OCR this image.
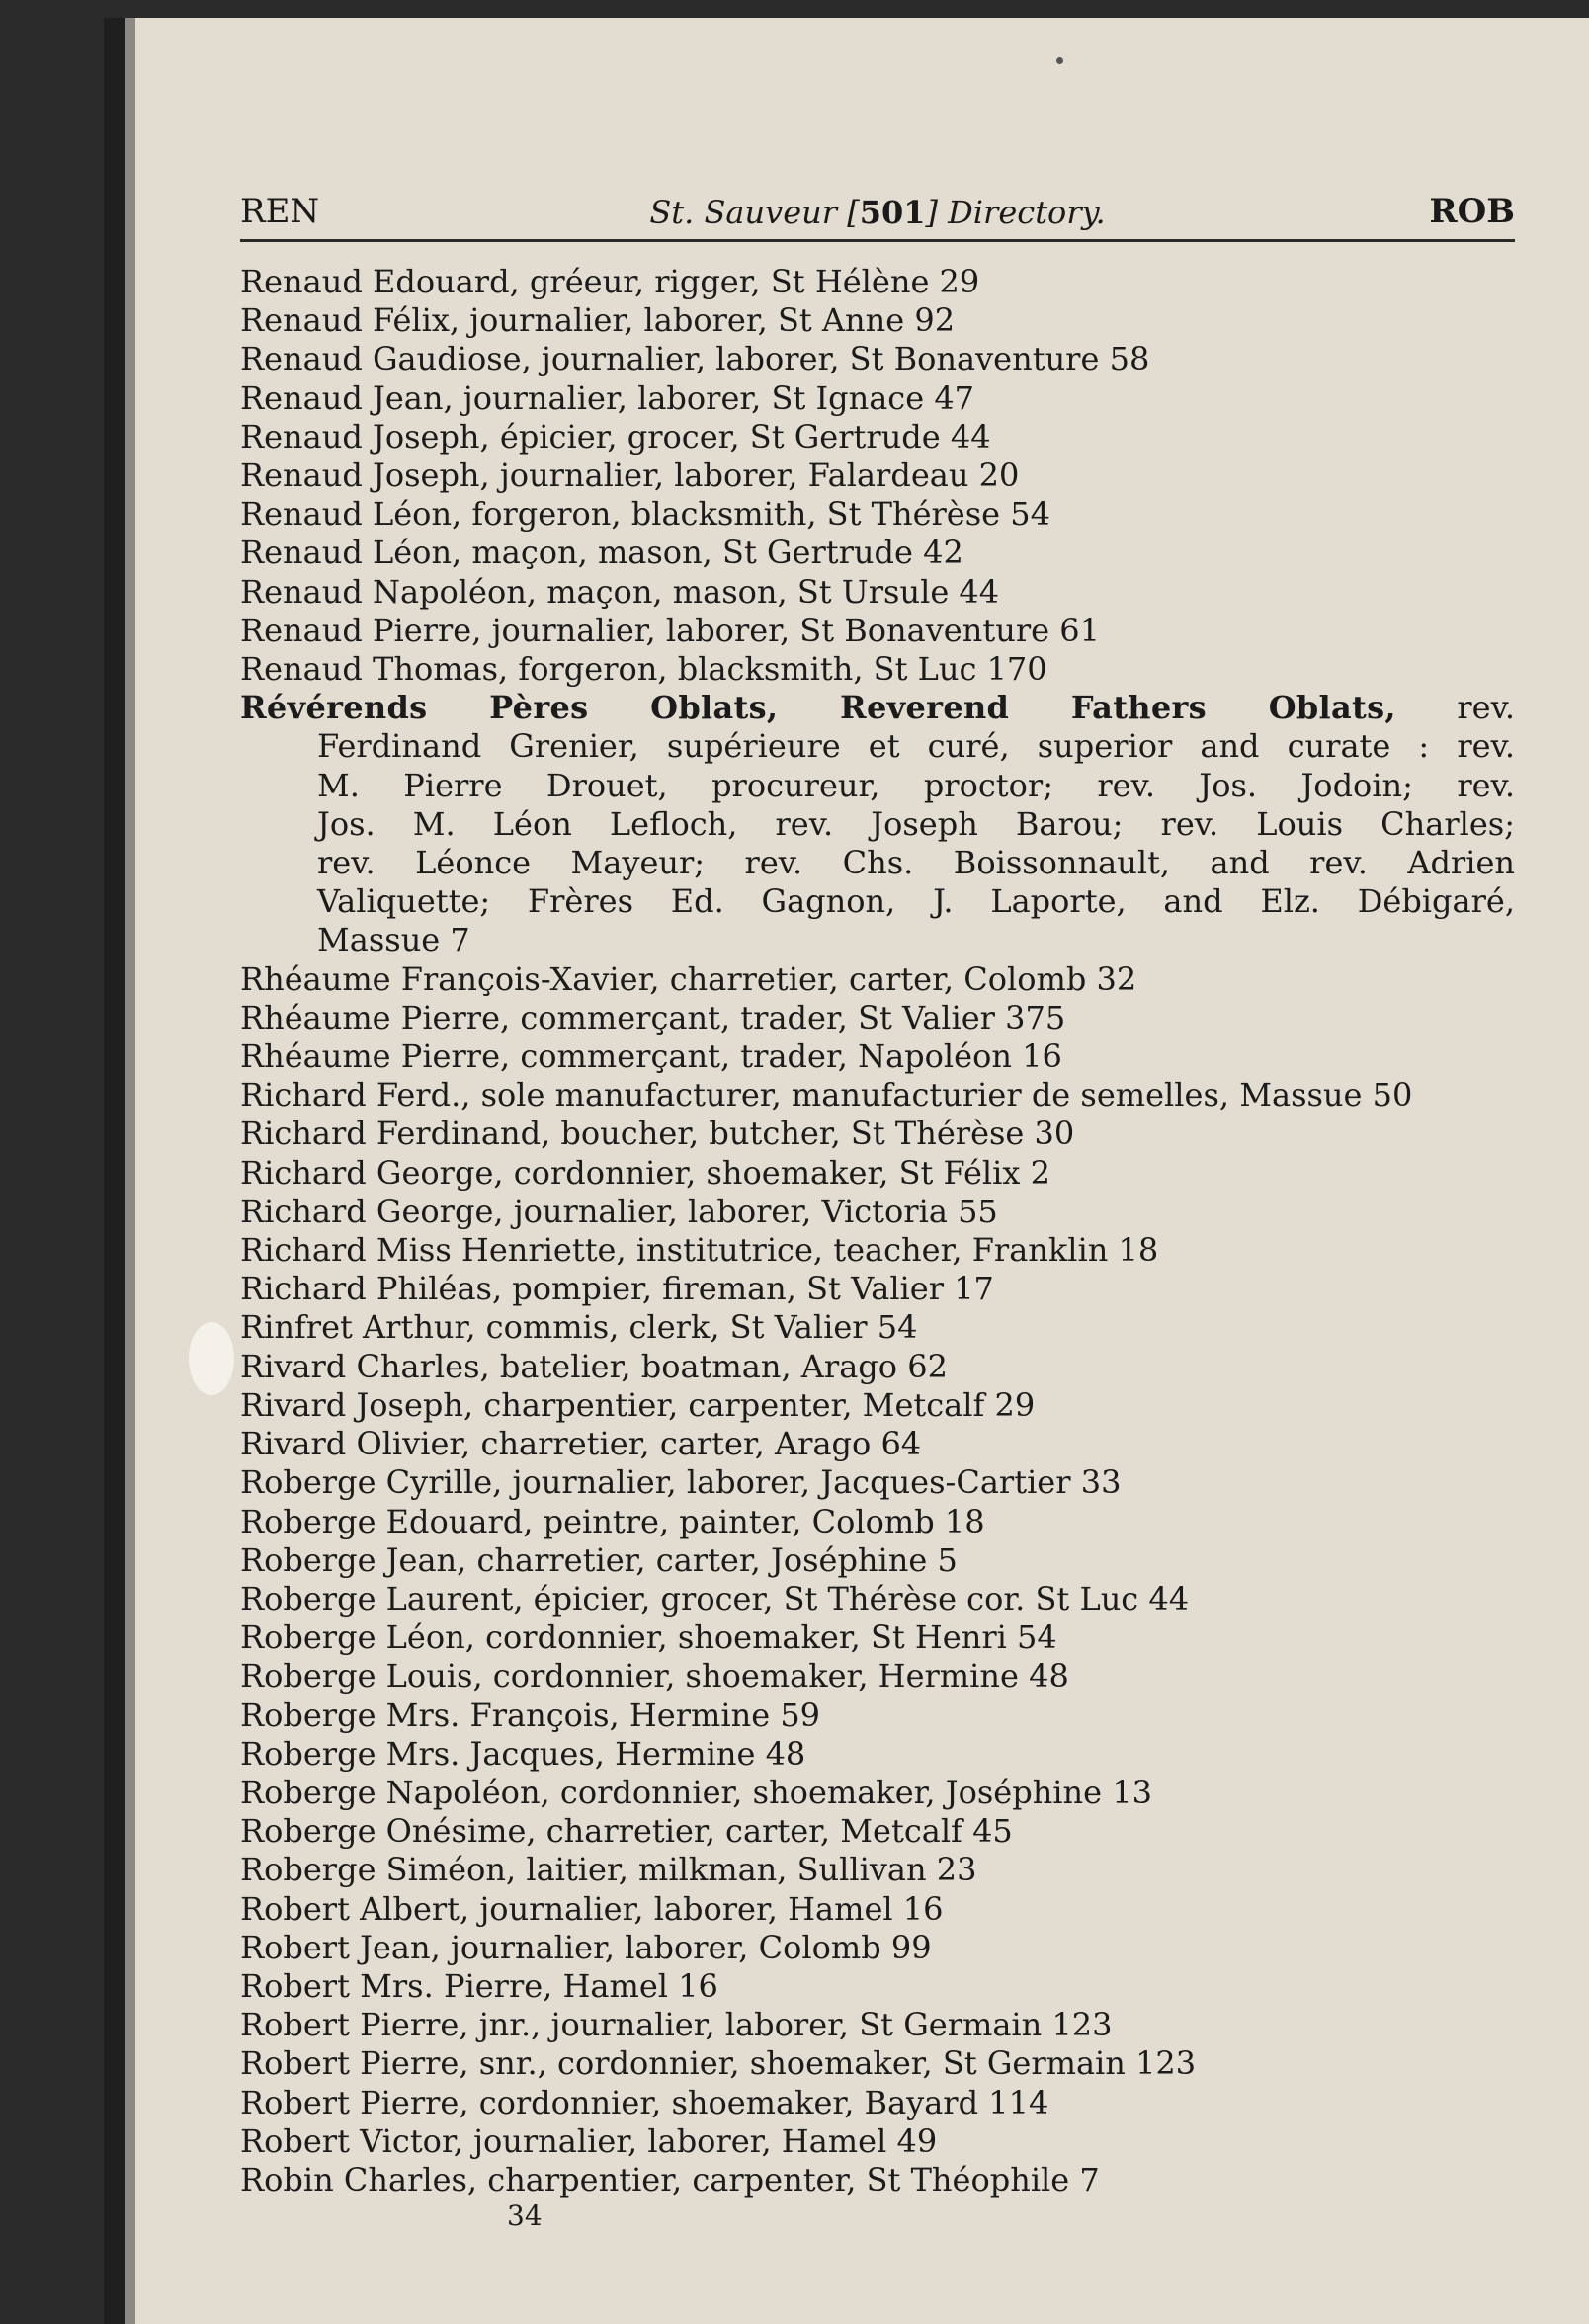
REN	St. Sauveur [501] Directory.	ROB
Renaud Edouard, gréeur, rigger, St Hélène 29
Renaud Félix, journalier, laborer, St Anne 92
Renaud Gaudiose, journalier, laborer, St Bonaventure 58
Renaud Jean, journalier, laborer, St Ignace 47
Renaud Joseph, épicier, grocer, St Gertrude 44
Renaud Joseph, journalier, laborer, Falardeau 20
Renaud Léon, forgeron, blacksmith, St Thérèse 54
Renaud Léon, maçon, mason, St Gertrude 42
Renaud Napoléon, maçon, mason, St Ursule 44
Renaud Pierre, journalier, laborer, St Bonaventure 61
Renaud Thomas, forgeron, blacksmith, St Luc 170
Révérends Pères Oblats, Reverend Fathers Oblats, rev.
Ferdinand Grenier, supérieure et curé, superior and curate : rev.
M. Pierre Drouet, procureur, proctor; rev. Jos. Jodoin; rev.
Jos. M. Léon Lefloch, rev. Joseph Barou; rev. Louis Charles;
rev. Léonce Mayeur; rev. Chs. Boissonnault, and rev. Adrien
Valiquette; Frères Ed. Gagnon, J. Laporte, and Elz. Débigaré,
Massue 7
Rhéaume François-Xavier, charretier, carter, Colomb 32
Rhéaume Pierre, commerçant, trader, St Valier 375
Rhéaume Pierre, commerçant, trader, Napoléon 16
Richard Ferd., sole manufacturer, manufacturier de semelles, Massue 50
Richard Ferdinand, boucher, butcher, St Thérèse 30
Richard George, cordonnier, shoemaker, St Félix 2
Richard George, journalier, laborer, Victoria 55
Richard Miss Henriette, institutrice, teacher, Franklin 18
Richard Philéas, pompier, fireman, St Valier 17
Rinfret Arthur, commis, clerk, St Valier 54
Rivard Charles, batelier, boatman, Arago 62
Rivard Joseph, charpentier, carpenter, Metcalf 29
Rivard Olivier, charretier, carter, Arago 64
Roberge Cyrille, journalier, laborer, Jacques-Cartier 33
Roberge Edouard, peintre, painter, Colomb 18
Roberge Jean, charretier, carter, Joséphine 5
Roberge Laurent, épicier, grocer, St Thérèse cor. St Luc 44
Roberge Léon, cordonnier, shoemaker, St Henri 54
Roberge Louis, cordonnier, shoemaker, Hermine 48
Roberge Mrs. François, Hermine 59
Roberge Mrs. Jacques, Hermine 48
Roberge Napoléon, cordonnier, shoemaker, Joséphine 13
Roberge Onésime, charretier, carter, Metcalf 45
Roberge Siméon, laitier, milkman, Sullivan 23
Robert Albert, journalier, laborer, Hamel 16
Robert Jean, journalier, laborer, Colomb 99
Robert Mrs. Pierre, Hamel 16
Robert Pierre, jnr., journalier, laborer, St Germain 123
Robert Pierre, snr., cordonnier, shoemaker, St Germain 123
Robert Pierre, cordonnier, shoemaker, Bayard 114
Robert Victor, journalier, laborer, Hamel 49
Robin Charles, charpentier, carpenter, St Théophile 7
34
